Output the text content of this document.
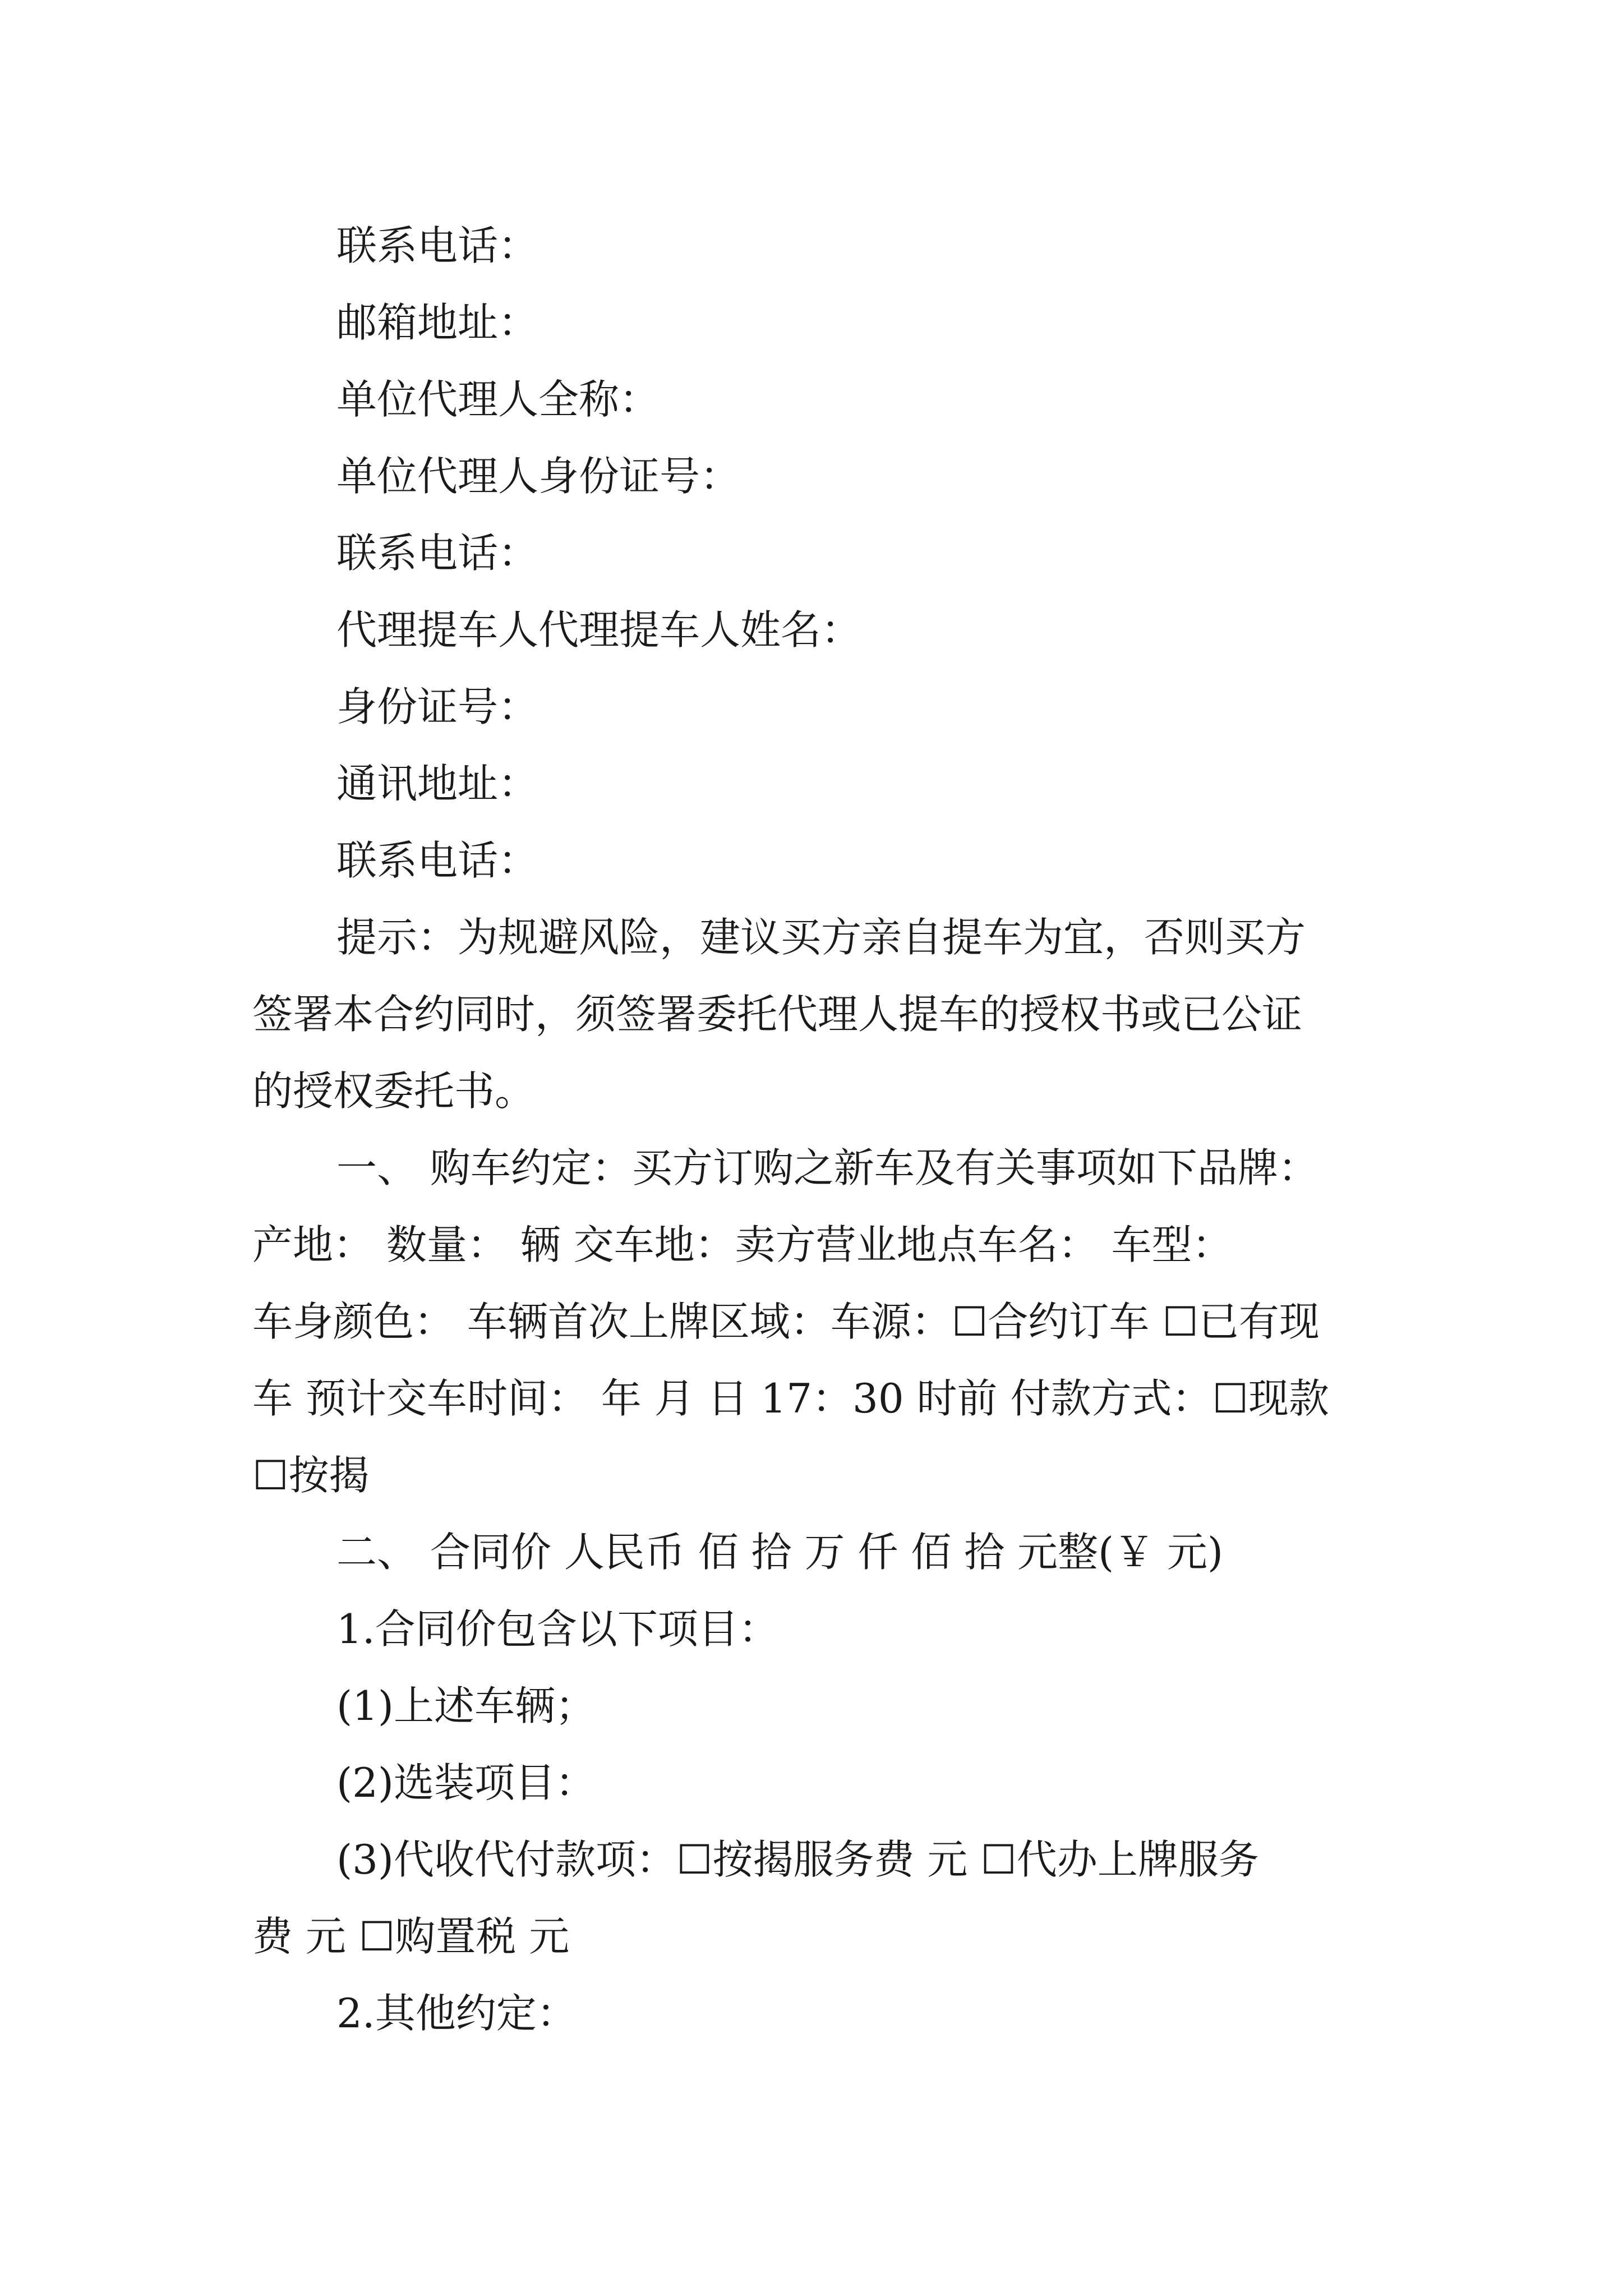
联系电话：

邮箱地址：

单位代理人全称：

单位代理人身份证号：

联系电话：

代理提车人代理提车人姓名：

身份证号：

通讯地址：

联系电话：

提示：为规避风险，建议买方亲自提车为宜，否则买方

签署本合约同时，须签署委托代理人提车的授权书或已公证

的授权委托书。

一、 购车约定：买方订购之新车及有关事项如下品牌：

产地： 数量： 辆 交车地：卖方营业地点车名： 车型：

车身颜色： 车辆首次上牌区域：车源：☐合约订车 ☐已有现

车 预计交车时间： 年 月 日 17：30 时前 付款方式：☐现款

☐按揭

二、 合同价 人民币 佰 拾 万 仟 佰 拾 元整(￥ 元)

1.合同价包含以下项目：

(1)上述车辆；

(2)选装项目：

(3)代收代付款项：☐按揭服务费 元 ☐代办上牌服务

费 元 ☐购置税 元

2.其他约定：
